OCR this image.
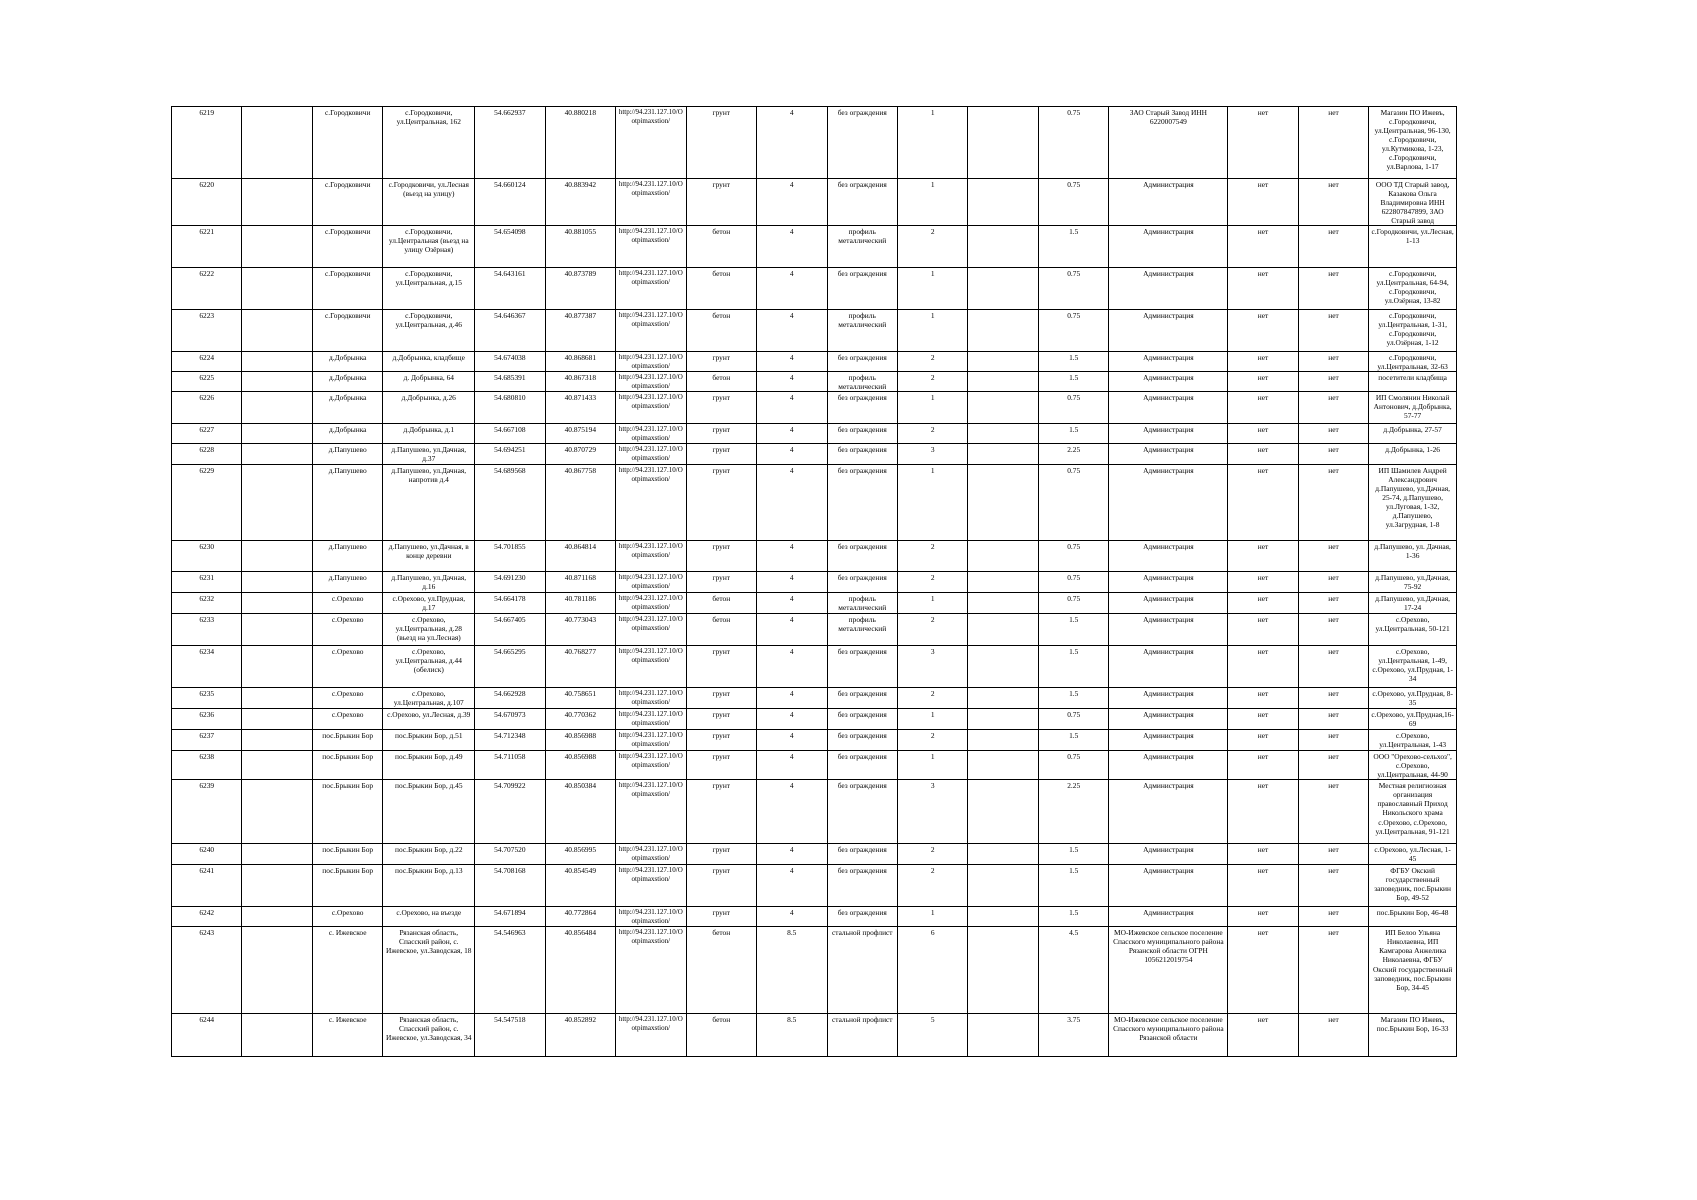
6219		с.Городковичи	с.Городковичи, ул.Центральная, 162	54.662937	40.880218	http://94.231.127.10/Ootpimaxstion/	грунт	4	без ограждения	1		0.75	ЗАО Старый Завод ИНН 6220007549	нет	нет	Магазин ПО Ижевъ, с.Городковичи, ул.Центральная, 96-130, с.Городковичи, ул.Кутмикова, 1-23, с.Городковичи, ул.Варлова, 1-17
6220		с.Городковичи	с.Городковичи, ул.Лесная (вьезд на улицу)	54.660124	40.883942	http://94.231.127.10/Ootpimaxstion/	грунт	4	без ограждения	1		0.75	Администрация	нет	нет	ООО ТД Старый завод, Казакова Ольга Владимировна ИНН 622807847899, ЗАО Старый завод
6221		с.Городковичи	с.Городковичи, ул.Центральная (вьезд на улицу Озёрная)	54.654098	40.881055	http://94.231.127.10/Ootpimaxstion/	бетон	4	профиль металлический	2		1.5	Администрация	нет	нет	с.Городковичи, ул.Лесная, 1-13
6222		с.Городковичи	с.Городковичи, ул.Центральная, д.15	54.643161	40.873789	http://94.231.127.10/Ootpimaxstion/	бетон	4	без ограждения	1		0.75	Администрация	нет	нет	с.Городковичи, ул.Центральная, 64-94, с.Городковичи, ул.Озёрная, 13-82
6223		с.Городковичи	с.Городковичи, ул.Центральная, д.46	54.646367	40.877387	http://94.231.127.10/Ootpimaxstion/	бетон	4	профиль металлический	1		0.75	Администрация	нет	нет	с.Городковичи, ул.Центральная, 1-31, с.Городковичи, ул.Озёрная, 1-12
6224		д.Добрынка	д.Добрынка, кладбище	54.674038	40.868681	http://94.231.127.10/Ootpimaxstion/	грунт	4	без ограждения	2		1.5	Администрация	нет	нет	с.Городковичи, ул.Центральная, 32-63
6225		д.Добрынка	д. Добрынка, 64	54.685391	40.867318	http://94.231.127.10/Ootpimaxstion/	бетон	4	профиль металлический	2		1.5	Администрация	нет	нет	посетители кладбища
6226		д.Добрынка	д.Добрынка, д.26	54.680810	40.871433	http://94.231.127.10/Ootpimaxstion/	грунт	4	без ограждения	1		0.75	Администрация	нет	нет	ИП Смолянин Николай Антонович, д.Добрынка, 57-77
6227		д.Добрынка	д.Добрынка, д.1	54.667108	40.875194	http://94.231.127.10/Ootpimaxstion/	грунт	4	без ограждения	2		1.5	Администрация	нет	нет	д.Добрынка, 27-57
6228		д.Папушево	д.Папушево, ул.Дачная, д.37	54.694251	40.870729	http://94.231.127.10/Ootpimaxstion/	грунт	4	без ограждения	3		2.25	Администрация	нет	нет	д.Добрынка, 1-26
6229		д.Папушево	д.Папушево, ул.Дачная, напротив д.4	54.689568	40.867758	http://94.231.127.10/Ootpimaxstion/	грунт	4	без ограждения	1		0.75	Администрация	нет	нет	ИП Шамилев Андрей Александрович д.Папушево, ул.Дачная, 25-74, д.Папушево, ул.Луговая, 1-32, д.Папушево, ул.Загрудная, 1-8
6230		д.Папушево	д.Папушево, ул.Дачная, в конце деревни	54.701855	40.864814	http://94.231.127.10/Ootpimaxstion/	грунт	4	без ограждения	2		0.75	Администрация	нет	нет	д.Папушево, ул. Дачная, 1-36
6231		д.Папушево	д.Папушево, ул.Дачная, д.16	54.691230	40.871168	http://94.231.127.10/Ootpimaxstion/	грунт	4	без ограждения	2		0.75	Администрация	нет	нет	д.Папушево, ул.Дачная, 75-92
6232		с.Орехово	с.Орехово, ул.Прудная, д.17	54.664178	40.781186	http://94.231.127.10/Ootpimaxstion/	бетон	4	профиль металлический	1		0.75	Администрация	нет	нет	д.Папушево, ул.Дачная, 17-24
6233		с.Орехово	с.Орехово, ул.Центральная, д.28 (вьезд на ул.Лесная)	54.667405	40.773043	http://94.231.127.10/Ootpimaxstion/	бетон	4	профиль металлический	2		1.5	Администрация	нет	нет	с.Орехово, ул.Центральная, 50-121
6234		с.Орехово	с.Орехово, ул.Центральная, д.44 (обелиск)	54.665295	40.768277	http://94.231.127.10/Ootpimaxstion/	грунт	4	без ограждения	3		1.5	Администрация	нет	нет	с.Орехово, ул.Центральная, 1-49, с.Орехово, ул.Прудная, 1-34
6235		с.Орехово	с.Орехово, ул.Центральная, д.107	54.662928	40.758651	http://94.231.127.10/Ootpimaxstion/	грунт	4	без ограждения	2		1.5	Администрация	нет	нет	с.Орехово, ул.Прудная, 8-35
6236		с.Орехово	с.Орехово, ул.Лесная, д.39	54.670973	40.770362	http://94.231.127.10/Ootpimaxstion/	грунт	4	без ограждения	1		0.75	Администрация	нет	нет	с.Орехово, ул.Прудная,16-69
6237		пос.Брыкин Бор	пос.Брыкин Бор, д.51	54.712348	40.856988	http://94.231.127.10/Ootpimaxstion/	грунт	4	без ограждения	2		1.5	Администрация	нет	нет	с.Орехово, ул.Центральная, 1-43
6238		пос.Брыкин Бор	пос.Брыкин Бор, д.49	54.711058	40.856988	http://94.231.127.10/Ootpimaxstion/	грунт	4	без ограждения	1		0.75	Администрация	нет	нет	ООО "Орехово-сельхоз", с.Орехово, ул.Центральная, 44-90
6239		пос.Брыкин Бор	пос.Брыкин Бор, д.45	54.709922	40.850384	http://94.231.127.10/Ootpimaxstion/	грунт	4	без ограждения	3		2.25	Администрация	нет	нет	Местная религиозная организация православный Приход Никольского храма с.Орехово, с.Орехово, ул.Центральная, 91-121
6240		пос.Брыкин Бор	пос.Брыкин Бор, д.22	54.707520	40.856995	http://94.231.127.10/Ootpimaxstion/	грунт	4	без ограждения	2		1.5	Администрация	нет	нет	с.Орехово, ул.Лесная, 1-45
6241		пос.Брыкин Бор	пос.Брыкин Бор, д.13	54.708168	40.854549	http://94.231.127.10/Ootpimaxstion/	грунт	4	без ограждения	2		1.5	Администрация	нет	нет	ФГБУ Окский государственный заповедник, пос.Брыкин Бор, 49-52
6242		с.Орехово	с.Орехово, на въезде	54.671894	40.772864	http://94.231.127.10/Ootpimaxstion/	грунт	4	без ограждения	1		1.5	Администрация	нет	нет	пос.Брыкин Бор, 46-48
6243		с. Ижевское	Рязанская область, Спасский район, с. Ижевское, ул.Заводская, 18	54.546963	40.856484	http://94.231.127.10/Ootpimaxstion/	бетон	8.5	стальной профлист	6		4.5	МО-Ижевское сельское поселение Спасского муниципального района Рязанской области ОГРН 1056212019754	нет	нет	ИП Белоо Ульяна Николаевна, ИП Камгарова Анжелика Николаевна, ФГБУ Окский государственный заповедник, пос.Брыкин Бор, 34-45
6244		с. Ижевское	Рязанская область, Спасский район, с. Ижевское, ул.Заводская, 34	54.547518	40.852892	http://94.231.127.10/Ootpimaxstion/	бетон	8.5	стальной профлист	5		3.75	МО-Ижевское сельское поселение Спасского муниципального района Рязанской области	нет	нет	Магазин ПО Ижевъ, пос.Брыкин Бор, 16-33
